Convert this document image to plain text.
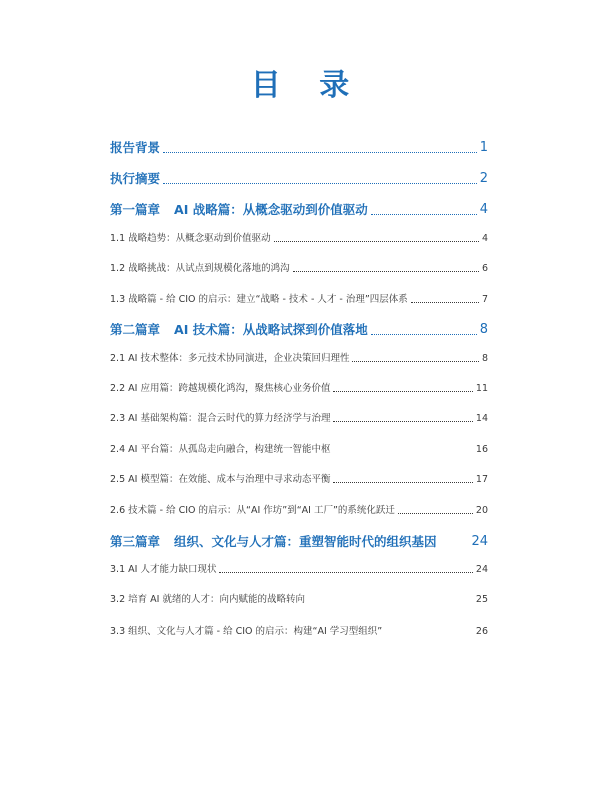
目 录
报告背景	1
执行摘要	2
第一篇章 AI 战略篇：从概念驱动到价值驱动	4
1.1 战略趋势：从概念驱动到价值驱动	4
1.2 战略挑战：从试点到规模化落地的鸿沟	6
1.3 战略篇 - 给 CIO 的启示：建立“战略 - 技术 - 人才 - 治理”四层体系	7
第二篇章 AI 技术篇：从战略试探到价值落地	8
2.1 AI 技术整体：多元技术协同演进，企业决策回归理性	8
2.2 AI 应用篇：跨越规模化鸿沟，聚焦核心业务价值	11
2.3 AI 基础架构篇：混合云时代的算力经济学与治理	14
2.4 AI 平台篇：从孤岛走向融合，构建统一智能中枢	16
2.5 AI 模型篇：在效能、成本与治理中寻求动态平衡	17
2.6 技术篇 - 给 CIO 的启示：从“AI 作坊”到“AI 工厂”的系统化跃迁	20
第三篇章 组织、文化与人才篇：重塑智能时代的组织基因	24
3.1 AI 人才能力缺口现状	24
3.2 培育 AI 就绪的人才：向内赋能的战略转向	25
3.3 组织、文化与人才篇 - 给 CIO 的启示：构建“AI 学习型组织”	26
